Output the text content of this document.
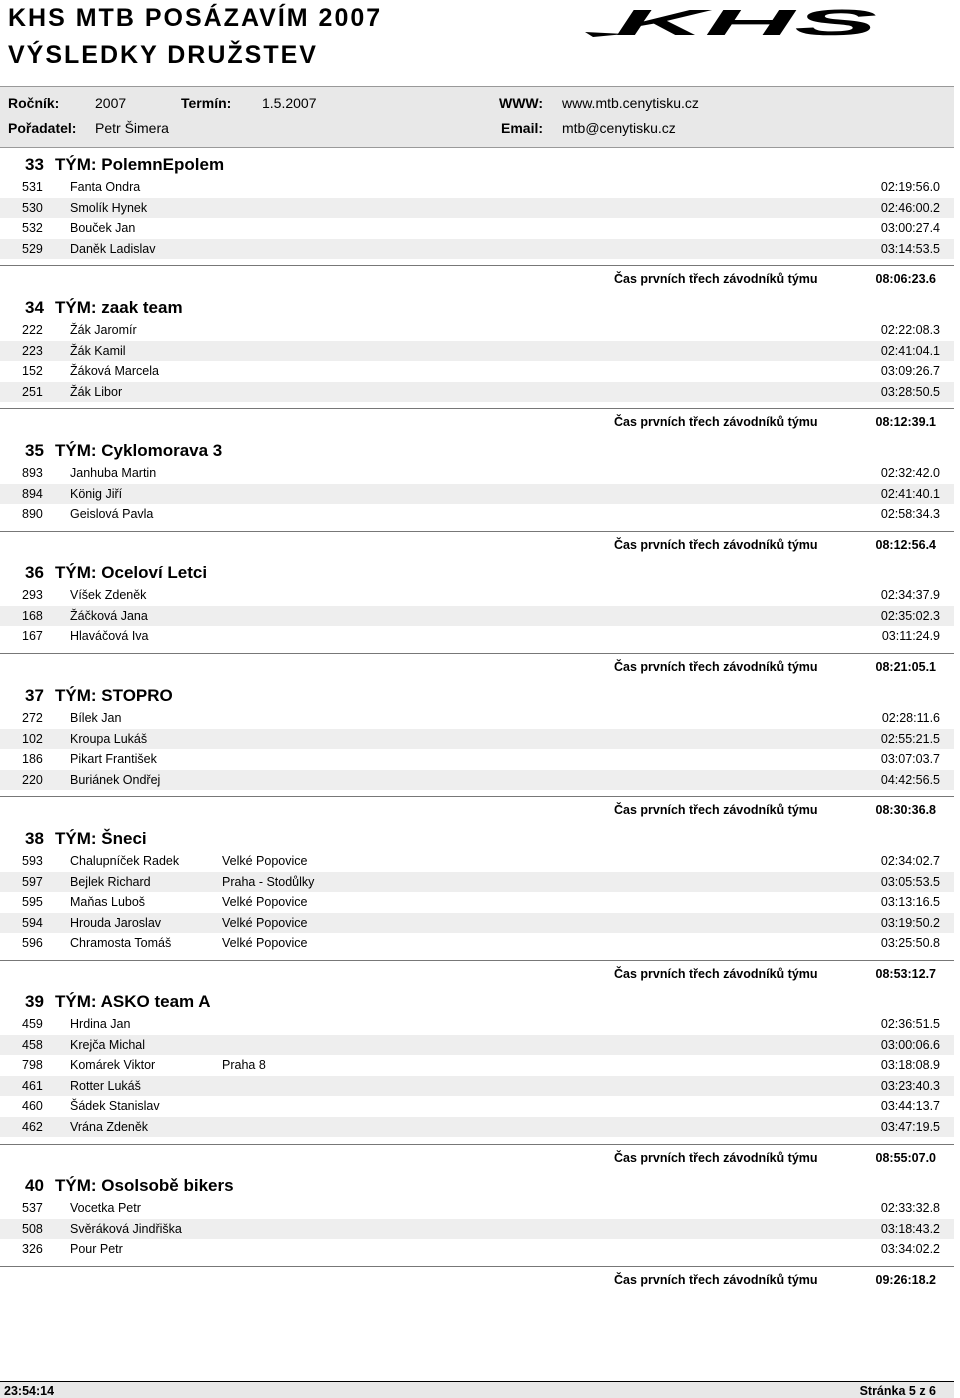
KHS MTB POSÁZAVÍM 2007
VÝSLEDKY DRUŽSTEV
KHS
Ročník:	2007	Termín: 1.5.2007	WWW: www.mtb.cenytisku.cz
Pořadatel: Petr Šimera	Email: mtb@cenytisku.cz
33 TÝM: PolemnEpolem
531 Fanta Ondra	02:19:56.0
530 Smolík Hynek	02:46:00.2
532 Bouček Jan	03:00:27.4
529 Daněk Ladislav	03:14:53.5
Čas prvních třech závodníků týmu	08:06:23.6
34 TÝM: zaak team
222 Žák Jaromír	02:22:08.3
223 Žák Kamil	02:41:04.1
152 Žáková Marcela	03:09:26.7
251 Žák Libor	03:28:50.5
Čas prvních třech závodníků týmu	08:12:39.1
35 TÝM: Cyklomorava 3
893 Janhuba Martin	02:32:42.0
894 König Jiří	02:41:40.1
890 Geislová Pavla	02:58:34.3
Čas prvních třech závodníků týmu	08:12:56.4
36 TÝM: Oceloví Letci
293 Víšek Zdeněk	02:34:37.9
168 Žáčková Jana	02:35:02.3
167 Hlaváčová Iva	03:11:24.9
Čas prvních třech závodníků týmu	08:21:05.1
37 TÝM: STOPRO
272 Bílek Jan	02:28:11.6
102 Kroupa Lukáš	02:55:21.5
186 Pikart František	03:07:03.7
220 Buriánek Ondřej	04:42:56.5
Čas prvních třech závodníků týmu	08:30:36.8
38 TÝM: Šneci
593 Chalupníček Radek	Velké Popovice	02:34:02.7
597 Bejlek Richard	Praha - Stodůlky	03:05:53.5
595 Maňas Luboš	Velké Popovice	03:13:16.5
594 Hrouda Jaroslav	Velké Popovice	03:19:50.2
596 Chramosta Tomáš	Velké Popovice	03:25:50.8
Čas prvních třech závodníků týmu	08:53:12.7
39 TÝM: ASKO team A
459 Hrdina Jan	02:36:51.5
458 Krejča Michal	03:00:06.6
798 Komárek Viktor	Praha 8	03:18:08.9
461 Rotter Lukáš	03:23:40.3
460 Šádek Stanislav	03:44:13.7
462 Vrána Zdeněk	03:47:19.5
Čas prvních třech závodníků týmu	08:55:07.0
40 TÝM: Osolsobě bikers
537 Vocetka Petr	02:33:32.8
508 Svěráková Jindřiška	03:18:43.2
326 Pour Petr	03:34:02.2
Čas prvních třech závodníků týmu	09:26:18.2
23:54:14	Stránka 5 z 6
